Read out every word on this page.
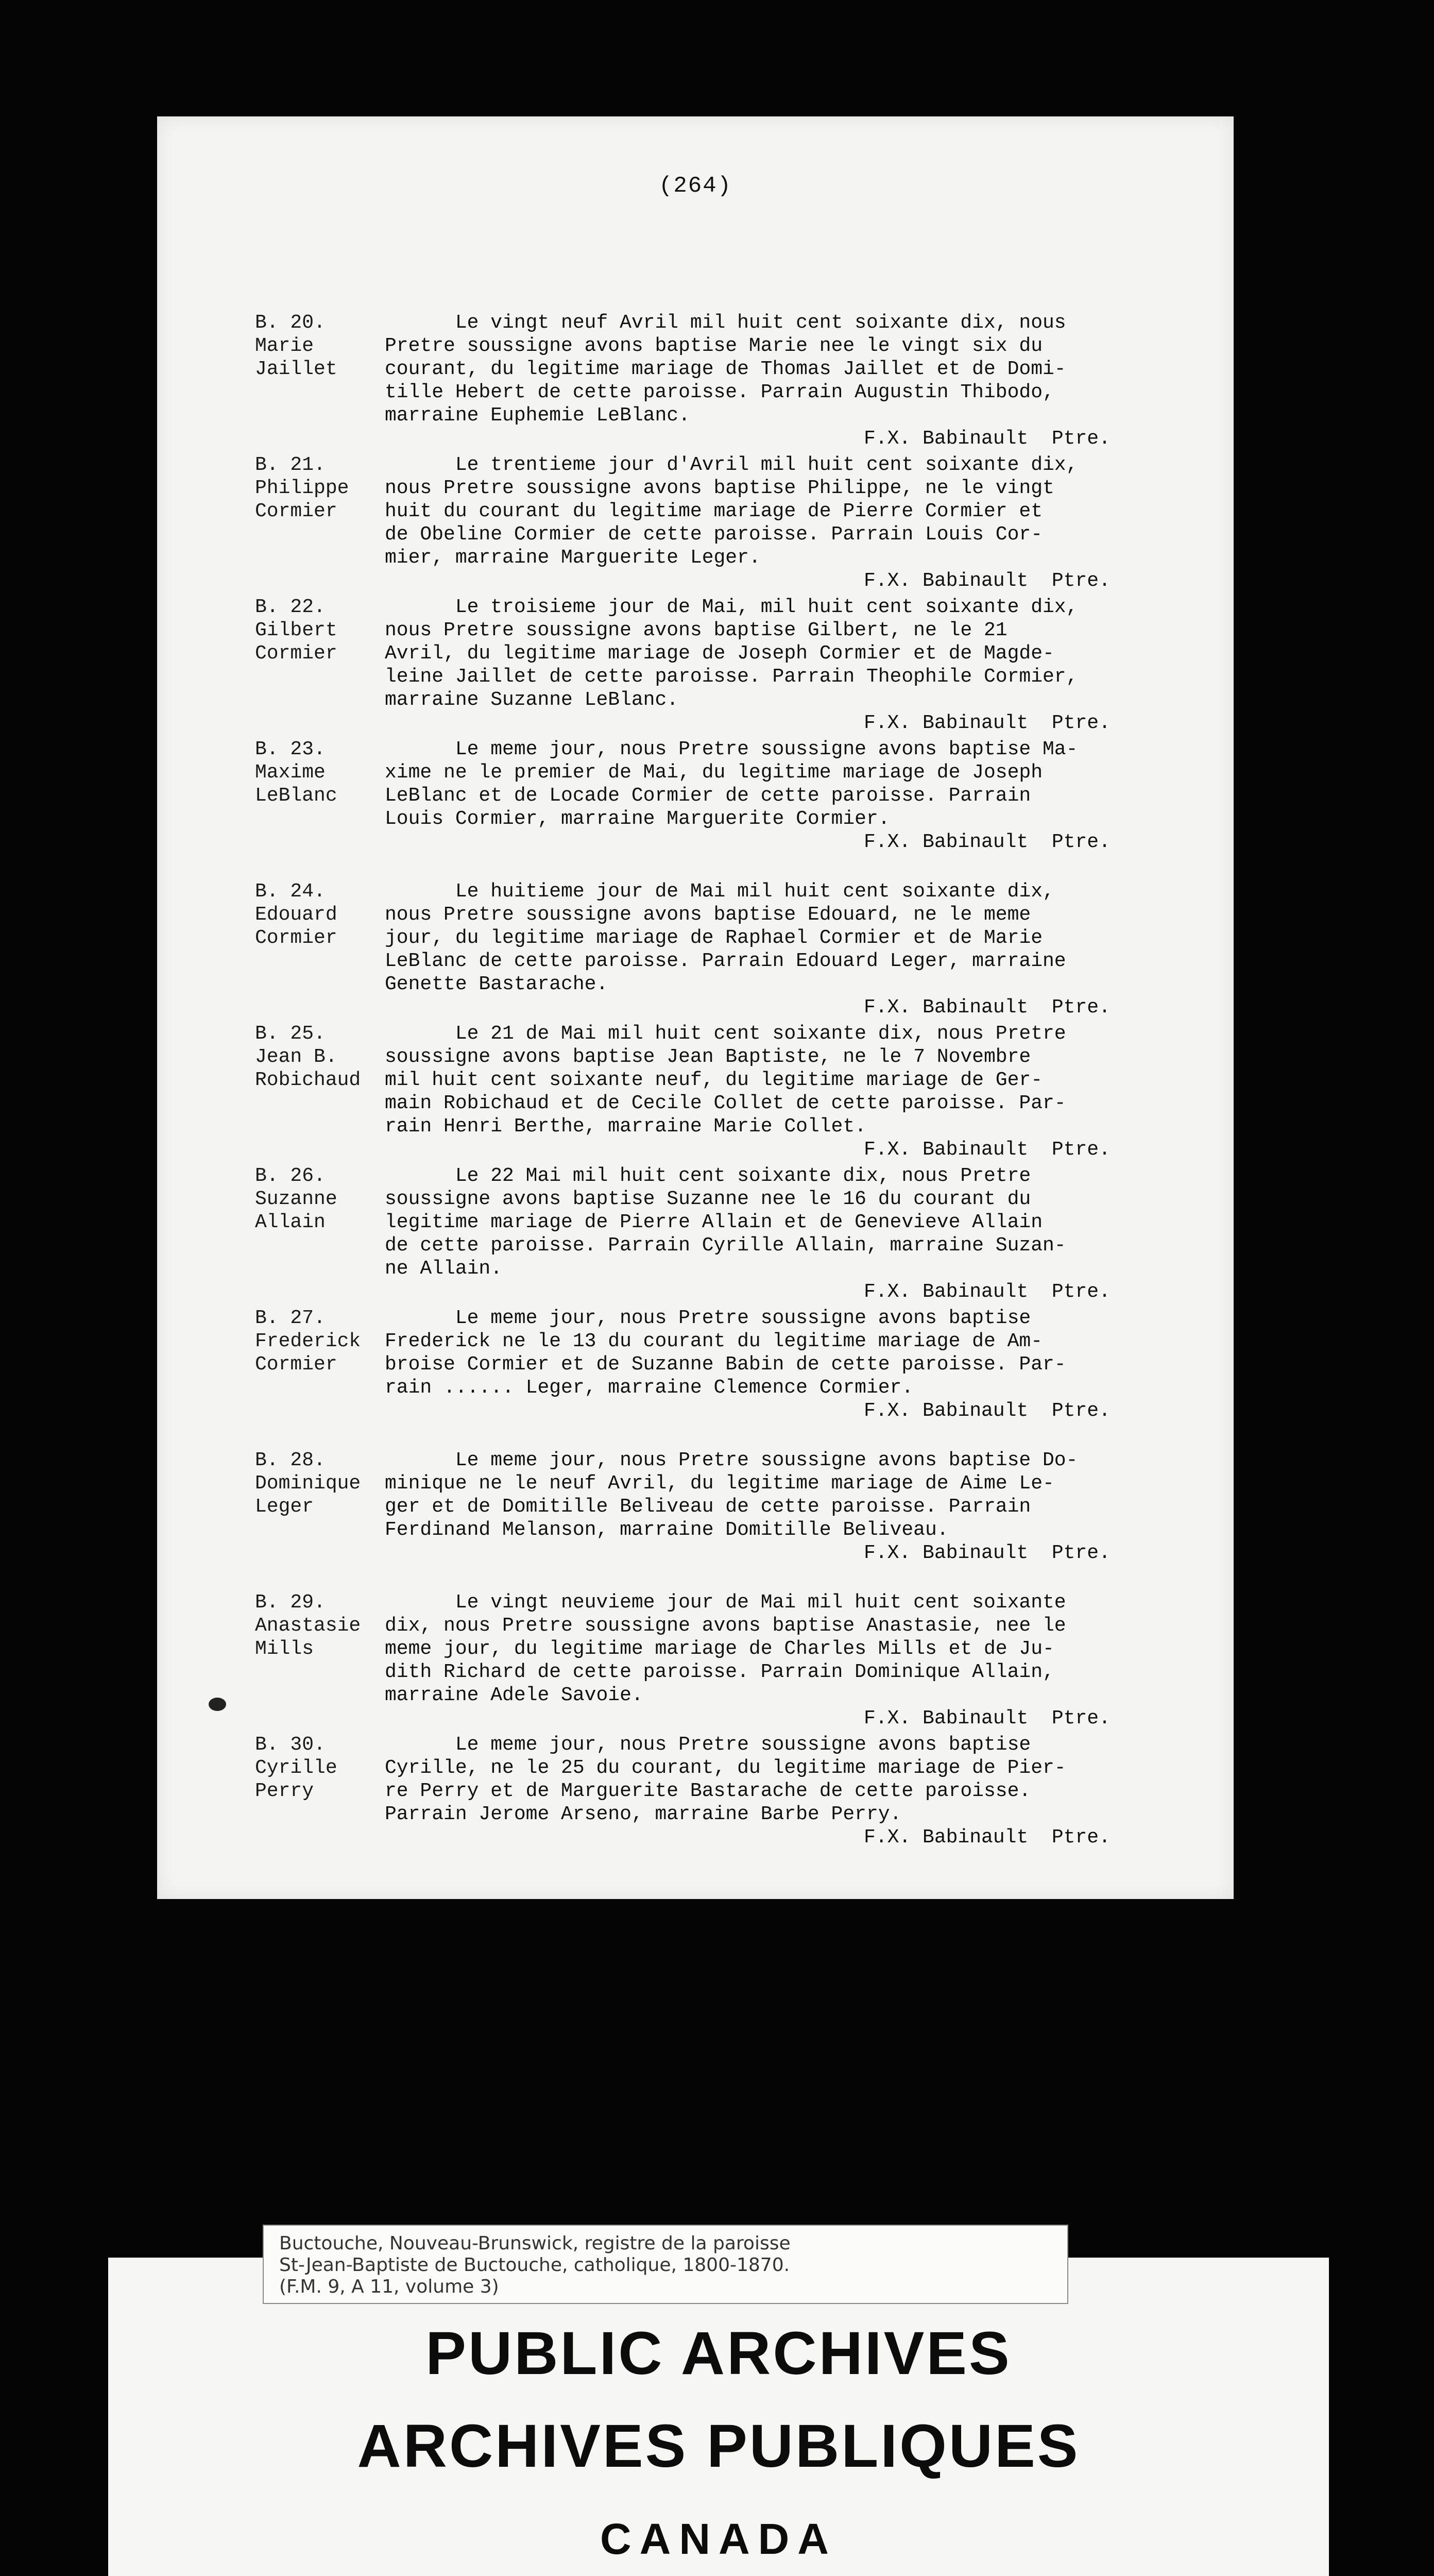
(264)
B. 20.
Marie
Jaillet
Le vingt neuf Avril mil huit cent soixante dix, nous
Pretre soussigne avons baptise Marie nee le vingt six du
courant, du legitime mariage de Thomas Jaillet et de Domi-
tille Hebert de cette paroisse. Parrain Augustin Thibodo,
marraine Euphemie LeBlanc.
F.X. Babinault  Ptre.
B. 21.
Philippe
Cormier
Le trentieme jour d'Avril mil huit cent soixante dix,
nous Pretre soussigne avons baptise Philippe, ne le vingt
huit du courant du legitime mariage de Pierre Cormier et
de Obeline Cormier de cette paroisse. Parrain Louis Cor-
mier, marraine Marguerite Leger.
F.X. Babinault  Ptre.
B. 22.
Gilbert
Cormier
Le troisieme jour de Mai, mil huit cent soixante dix,
nous Pretre soussigne avons baptise Gilbert, ne le 21
Avril, du legitime mariage de Joseph Cormier et de Magde-
leine Jaillet de cette paroisse. Parrain Theophile Cormier,
marraine Suzanne LeBlanc.
F.X. Babinault  Ptre.
B. 23.
Maxime
LeBlanc
Le meme jour, nous Pretre soussigne avons baptise Ma-
xime ne le premier de Mai, du legitime mariage de Joseph
LeBlanc et de Locade Cormier de cette paroisse. Parrain
Louis Cormier, marraine Marguerite Cormier.
F.X. Babinault  Ptre.
B. 24.
Edouard
Cormier
Le huitieme jour de Mai mil huit cent soixante dix,
nous Pretre soussigne avons baptise Edouard, ne le meme
jour, du legitime mariage de Raphael Cormier et de Marie
LeBlanc de cette paroisse. Parrain Edouard Leger, marraine
Genette Bastarache.
F.X. Babinault  Ptre.
B. 25.
Jean B.
Robichaud
Le 21 de Mai mil huit cent soixante dix, nous Pretre
soussigne avons baptise Jean Baptiste, ne le 7 Novembre
mil huit cent soixante neuf, du legitime mariage de Ger-
main Robichaud et de Cecile Collet de cette paroisse. Par-
rain Henri Berthe, marraine Marie Collet.
F.X. Babinault  Ptre.
B. 26.
Suzanne
Allain
Le 22 Mai mil huit cent soixante dix, nous Pretre
soussigne avons baptise Suzanne nee le 16 du courant du
legitime mariage de Pierre Allain et de Genevieve Allain
de cette paroisse. Parrain Cyrille Allain, marraine Suzan-
ne Allain.
F.X. Babinault  Ptre.
B. 27.
Frederick
Cormier
Le meme jour, nous Pretre soussigne avons baptise
Frederick ne le 13 du courant du legitime mariage de Am-
broise Cormier et de Suzanne Babin de cette paroisse. Par-
rain ...... Leger, marraine Clemence Cormier.
F.X. Babinault  Ptre.
B. 28.
Dominique
Leger
Le meme jour, nous Pretre soussigne avons baptise Do-
minique ne le neuf Avril, du legitime mariage de Aime Le-
ger et de Domitille Beliveau de cette paroisse. Parrain
Ferdinand Melanson, marraine Domitille Beliveau.
F.X. Babinault  Ptre.
B. 29.
Anastasie
Mills
Le vingt neuvieme jour de Mai mil huit cent soixante
dix, nous Pretre soussigne avons baptise Anastasie, nee le
meme jour, du legitime mariage de Charles Mills et de Ju-
dith Richard de cette paroisse. Parrain Dominique Allain,
marraine Adele Savoie.
F.X. Babinault  Ptre.
B. 30.
Cyrille
Perry
Le meme jour, nous Pretre soussigne avons baptise
Cyrille, ne le 25 du courant, du legitime mariage de Pier-
re Perry et de Marguerite Bastarache de cette paroisse.
Parrain Jerome Arseno, marraine Barbe Perry.
F.X. Babinault  Ptre.
Buctouche, Nouveau-Brunswick, registre de la paroisse
St-Jean-Baptiste de Buctouche, catholique, 1800-1870.
(F.M. 9, A 11, volume 3)
PUBLIC ARCHIVES
ARCHIVES PUBLIQUES
CANADA
